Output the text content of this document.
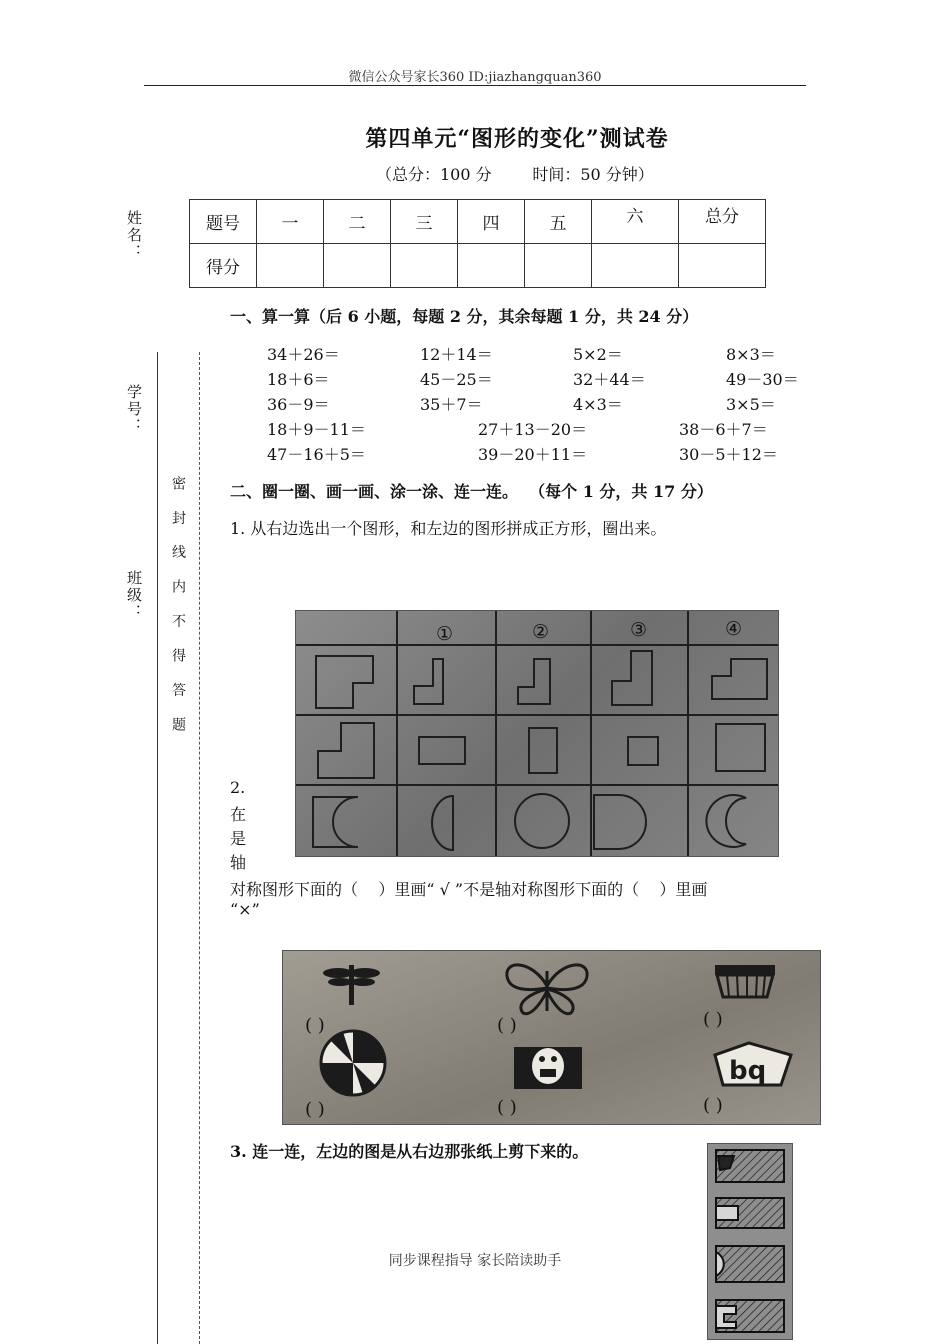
微信公众号家长360 ID:jiazhangquan360
第四单元“图形的变化”测试卷
（总分：100 分        时间：50 分钟）
题号	一	二	三	四	五	六	总分
得分							
姓名：
学号：
班级： 密 封 线 内 不 得 答 题
一、算一算（后 6 小题，每题 2 分，其余每题 1 分，共 24 分）
34＋26＝	12＋14＝	5×2＝	8×3＝
18＋6＝	45－25＝	32＋44＝	49－30＝
36－9＝	35＋7＝	4×3＝	3×5＝
18＋9－11＝	27＋13－20＝	38－6＋7＝
47－16＋5＝	39－20＋11＝	30－5＋12＝
二、圈一圈、画一画、涂一涂、连一连。  （每个 1 分，共 17 分）
1. 从右边选出一个图形，和左边的图形拼成正方形，圈出来。
①	②	③	④
2.
在
是
轴
对称图形下面的（    ）里画“ √ ”不是轴对称图形下面的（    ）里画
“×”
bq
( )	( )	( )
( )	( )	( )
3. 连一连，左边的图是从右边那张纸上剪下来的。
同步课程指导 家长陪读助手
